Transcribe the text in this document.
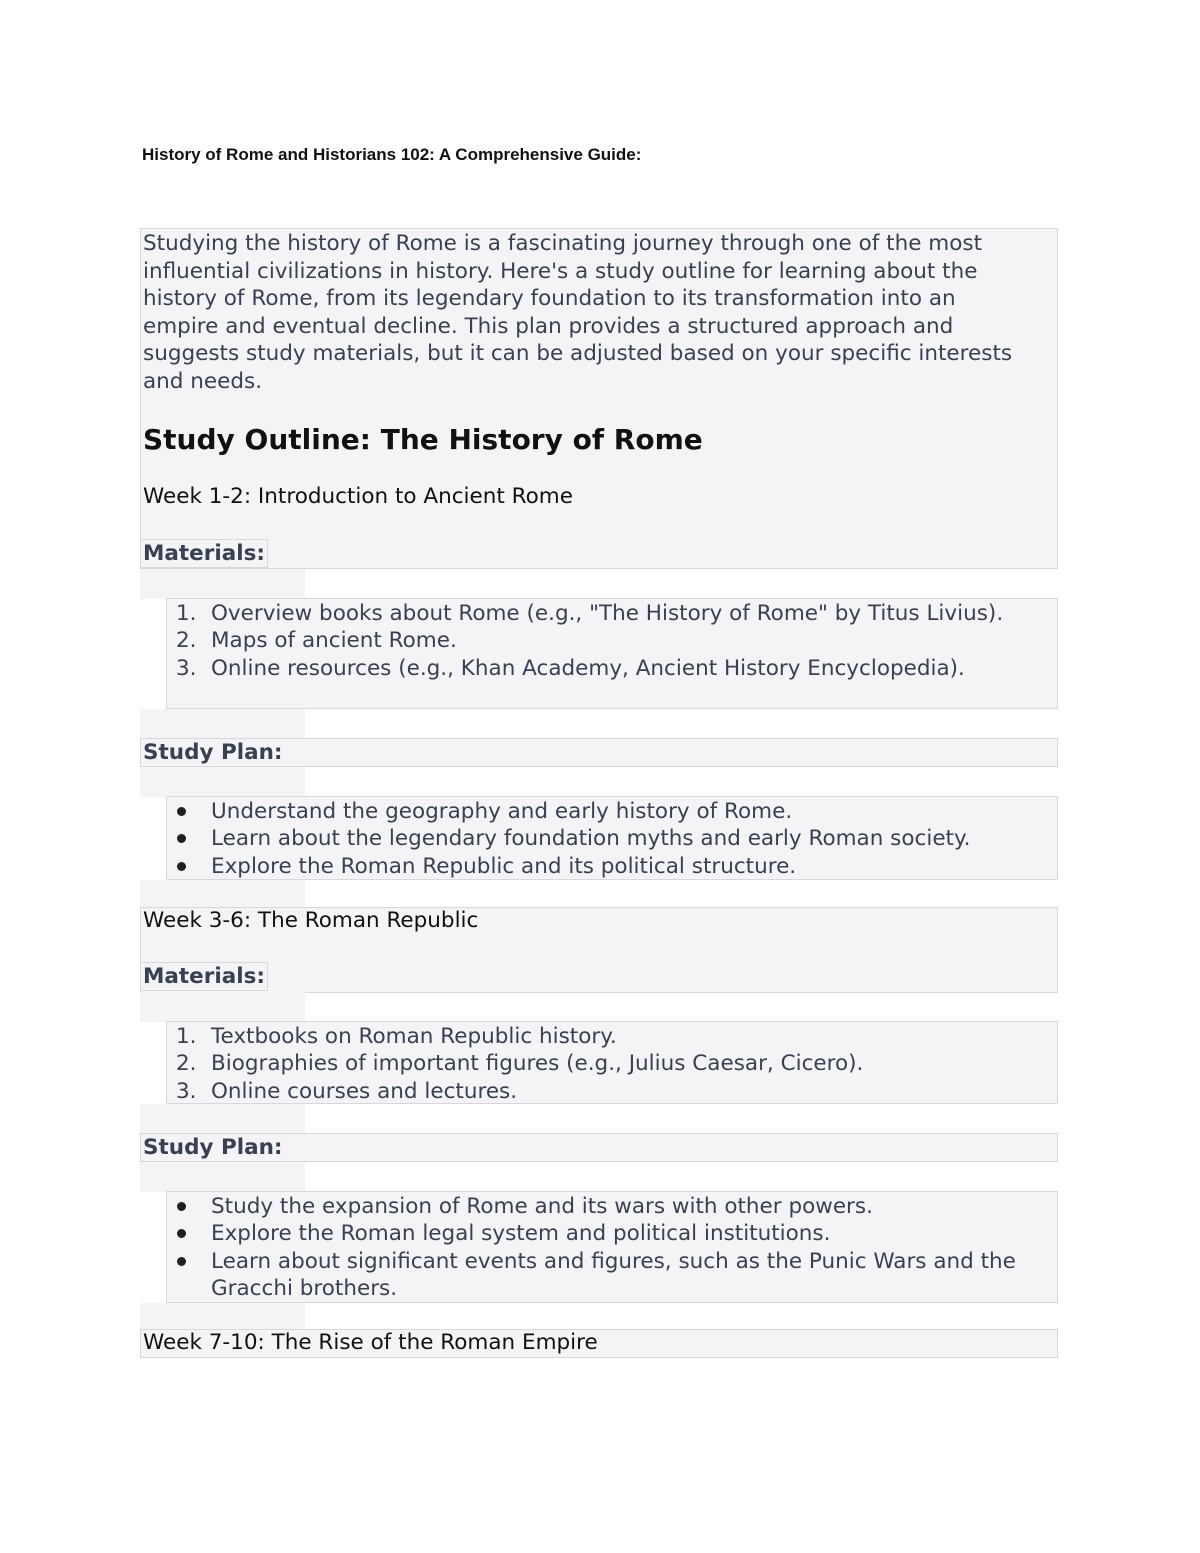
History of Rome and Historians 102: A Comprehensive Guide:

Studying the history of Rome is a fascinating journey through one of the most influential civilizations in history. Here's a study outline for learning about the history of Rome, from its legendary foundation to its transformation into an empire and eventual decline. This plan provides a structured approach and suggests study materials, but it can be adjusted based on your specific interests and needs.

Study Outline: The History of Rome
Week 1-2: Introduction to Ancient Rome
Materials:
1. Overview books about Rome (e.g., "The History of Rome" by Titus Livius).
2. Maps of ancient Rome.
3. Online resources (e.g., Khan Academy, Ancient History Encyclopedia).
Study Plan:
Understand the geography and early history of Rome.
Learn about the legendary foundation myths and early Roman society.
Explore the Roman Republic and its political structure.
Week 3-6: The Roman Republic
Materials:
1. Textbooks on Roman Republic history.
2. Biographies of important figures (e.g., Julius Caesar, Cicero).
3. Online courses and lectures.
Study Plan:
Study the expansion of Rome and its wars with other powers.
Explore the Roman legal system and political institutions.
Learn about significant events and figures, such as the Punic Wars and the Gracchi brothers.
Week 7-10: The Rise of the Roman Empire
